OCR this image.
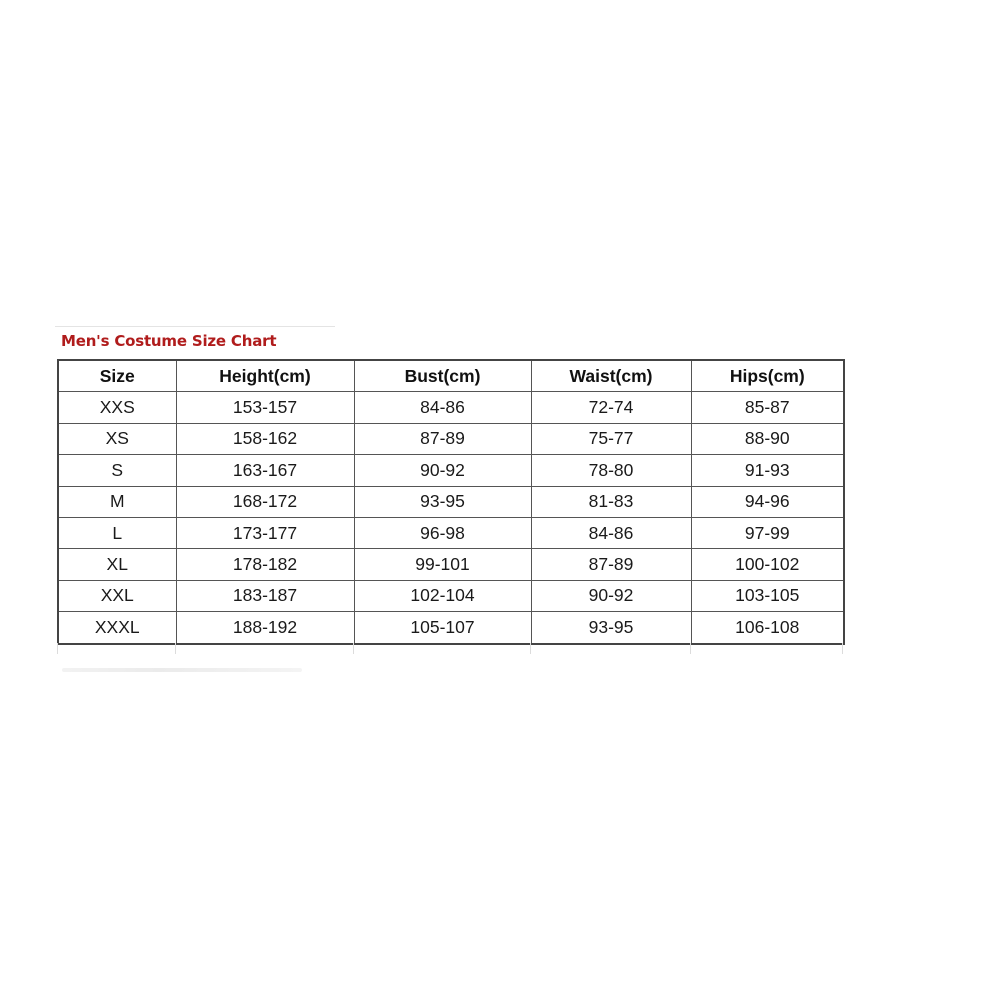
Men's Costume Size Chart
Size	Height(cm)	Bust(cm)	Waist(cm)	Hips(cm)
XXS	153-157	84-86	72-74	85-87
XS	158-162	87-89	75-77	88-90
S	163-167	90-92	78-80	91-93
M	168-172	93-95	81-83	94-96
L	173-177	96-98	84-86	97-99
XL	178-182	99-101	87-89	100-102
XXL	183-187	102-104	90-92	103-105
XXXL	188-192	105-107	93-95	106-108
